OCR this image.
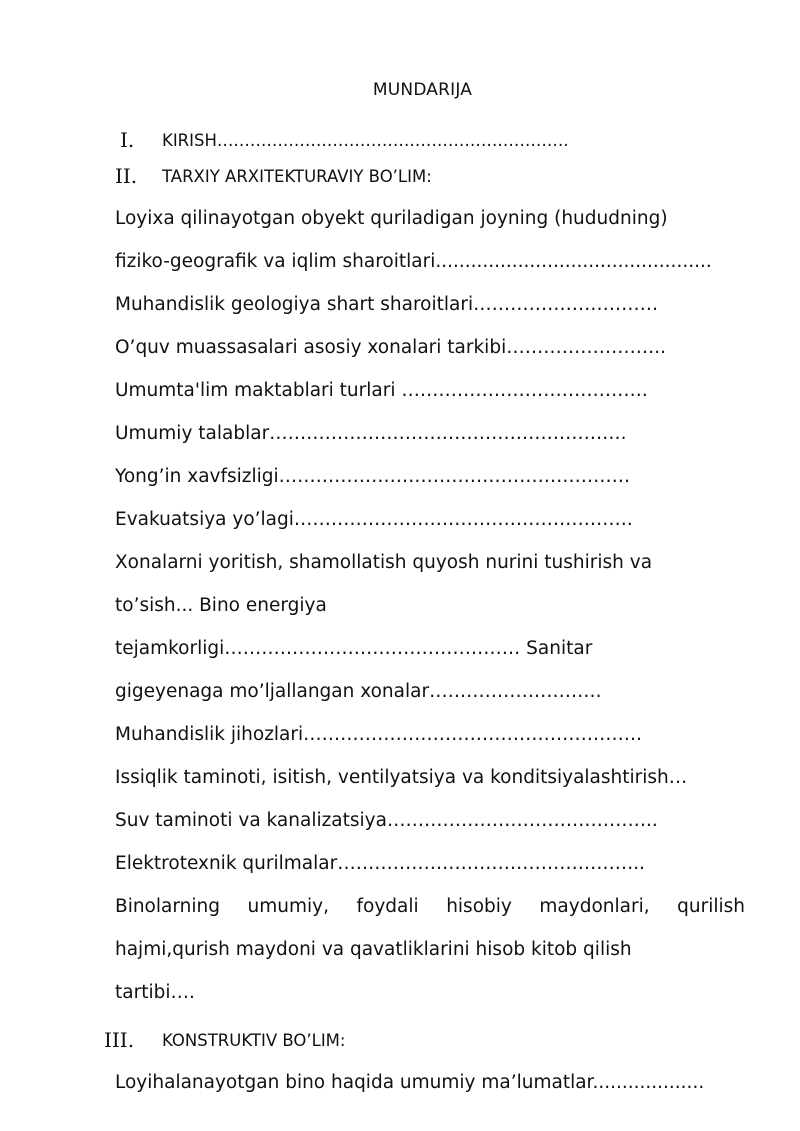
MUNDARIJA
I. KIRISH……………………………………………………….
II. TARXIY ARXITEKTURAVIY BO’LIM:
Loyixa qilinayotgan obyekt quriladigan joyning (hududning)
fiziko-geografik va iqlim sharoitlari...............................................
Muhandislik geologiya shart sharoitlari…………………………
O’quv muassasalari asosiy xonalari tarkibi……………………..
Umumta'lim maktablari turlari ………………………………….
Umumiy talablar………………………………………………….
Yong’in xavfsizligi…………………………………………………
Evakuatsiya yo’lagi……………………………………………….
Xonalarni yoritish, shamollatish quyosh nurini tushirish va
to’sish... Bino energiya
tejamkorligi………………………………………… Sanitar
gigeyenaga mo’ljallangan xonalar……………………….
Muhandislik jihozlari……………………………………………….
Issiqlik taminoti, isitish, ventilyatsiya va konditsiyalashtirish…
Suv taminoti va kanalizatsiya……………………………………..
Elektrotexnik qurilmalar…………………………………………..
Binolarning umumiy, foydali hisobiy maydonlari, qurilish
hajmi,qurish maydoni va qavatliklarini hisob kitob qilish
tartibi….
III. KONSTRUKTIV BO’LIM:
Loyihalanayotgan bino haqida umumiy ma’lumatlar...................
